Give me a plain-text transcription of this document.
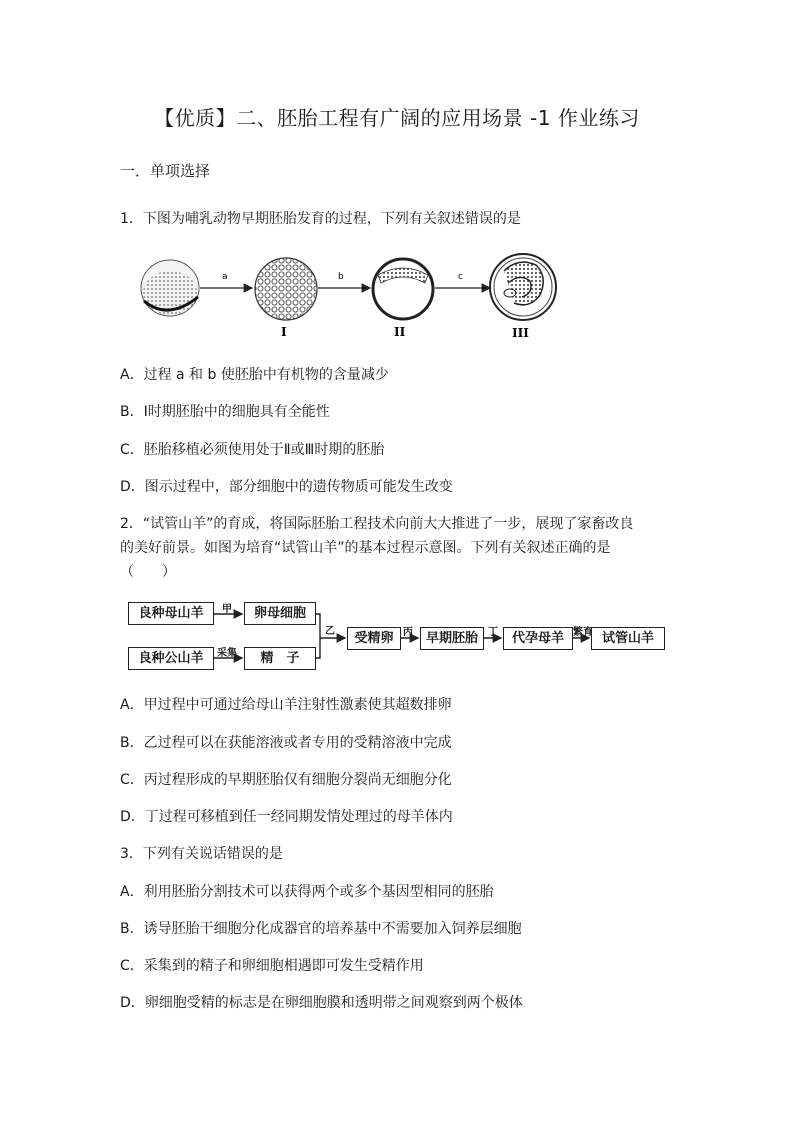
【优质】二、胚胎工程有广阔的应用场景 -1 作业练习
一．单项选择
1．下图为哺乳动物早期胚胎发育的过程，下列有关叙述错误的是
a
I
b
II
c
III
A．过程 a 和 b 使胚胎中有机物的含量减少
B．Ⅰ时期胚胎中的细胞具有全能性
C．胚胎移植必须使用处于Ⅱ或Ⅲ时期的胚胎
D．图示过程中，部分细胞中的遗传物质可能发生改变
2．“试管山羊”的育成，将国际胚胎工程技术向前大大推进了一步，展现了家畜改良
的美好前景。如图为培育“试管山羊”的基本过程示意图。下列有关叙述正确的是
（　　）
良种母山羊	卵母细胞
良种公山羊	精　子
受精卵	早期胚胎	代孕母羊	试管山羊
甲
采集
乙	丙	丁	繁育
A．甲过程中可通过给母山羊注射性激素使其超数排卵
B．乙过程可以在获能溶液或者专用的受精溶液中完成
C．丙过程形成的早期胚胎仅有细胞分裂尚无细胞分化
D．丁过程可移植到任一经同期发情处理过的母羊体内
3．下列有关说话错误的是
A．利用胚胎分割技术可以获得两个或多个基因型相同的胚胎
B．诱导胚胎干细胞分化成器官的培养基中不需要加入饲养层细胞
C．采集到的精子和卵细胞相遇即可发生受精作用
D．卵细胞受精的标志是在卵细胞膜和透明带之间观察到两个极体
